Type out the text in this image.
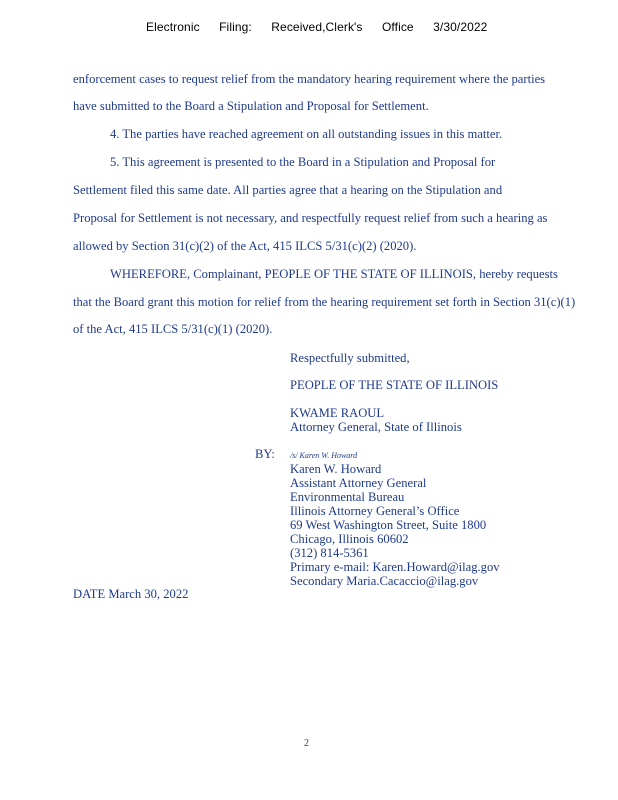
Electronic Filing: Received,Clerk's Office 3/30/2022
enforcement cases to request relief from the mandatory hearing requirement where the parties
have submitted to the Board a Stipulation and Proposal for Settlement.
4. The parties have reached agreement on all outstanding issues in this matter.
5. This agreement is presented to the Board in a Stipulation and Proposal for
Settlement filed this same date. All parties agree that a hearing on the Stipulation and
Proposal for Settlement is not necessary, and respectfully request relief from such a hearing as
allowed by Section 31(c)(2) of the Act, 415 ILCS 5/31(c)(2) (2020).
WHEREFORE, Complainant, PEOPLE OF THE STATE OF ILLINOIS, hereby requests
that the Board grant this motion for relief from the hearing requirement set forth in Section 31(c)(1)
of the Act, 415 ILCS 5/31(c)(1) (2020).
Respectfully submitted,
PEOPLE OF THE STATE OF ILLINOIS
KWAME RAOUL
Attorney General, State of Illinois
/s/ Karen W. Howard
Karen W. Howard
Assistant Attorney General
Environmental Bureau
Illinois Attorney General’s Office
69 West Washington Street, Suite 1800
Chicago, Illinois 60602
(312) 814-5361
Primary e-mail: Karen.Howard@ilag.gov
Secondary Maria.Cacaccio@ilag.gov
BY:
DATE March 30, 2022
2
